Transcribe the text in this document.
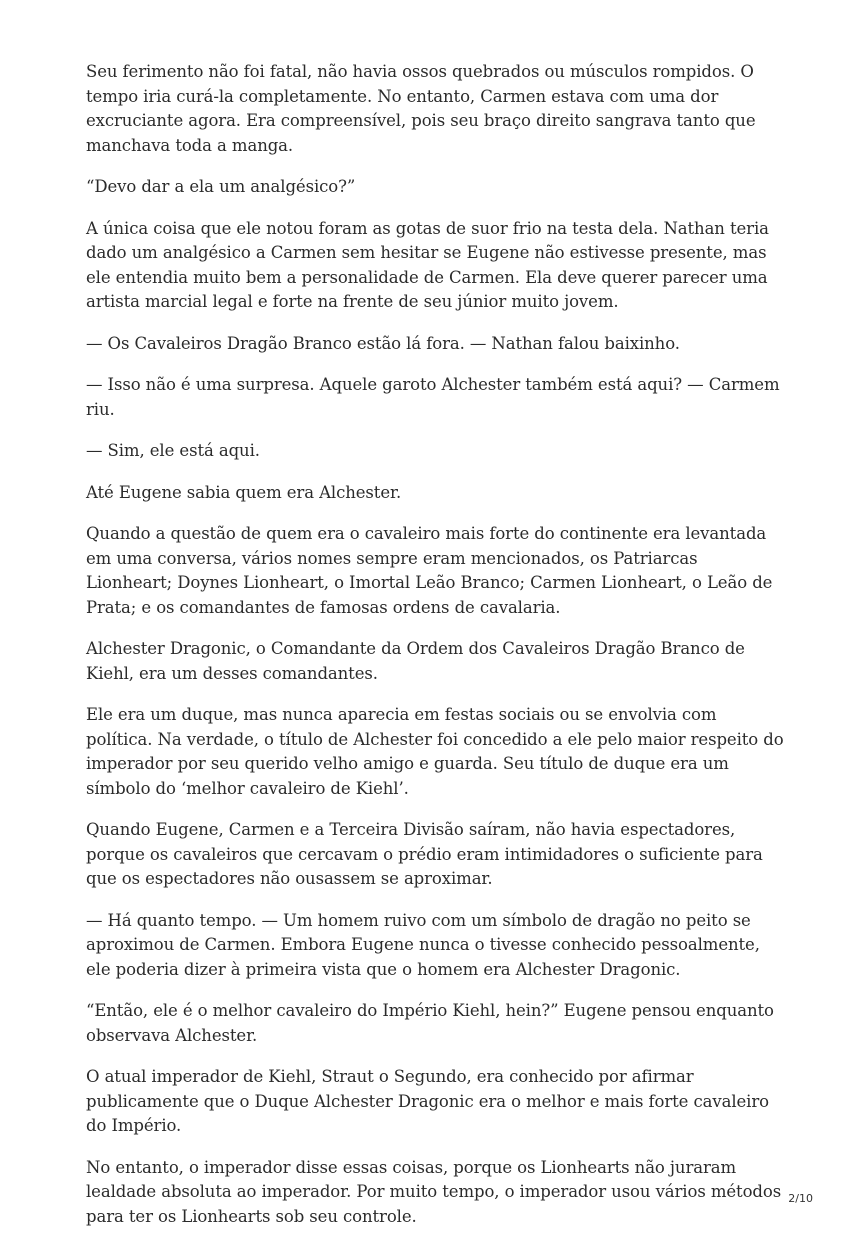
Seu ferimento não foi fatal, não havia ossos quebrados ou músculos rompidos. O tempo iria curá-la completamente. No entanto, Carmen estava com uma dor excruciante agora. Era compreensível, pois seu braço direito sangrava tanto que manchava toda a manga.

“Devo dar a ela um analgésico?”

A única coisa que ele notou foram as gotas de suor frio na testa dela. Nathan teria dado um analgésico a Carmen sem hesitar se Eugene não estivesse presente, mas ele entendia muito bem a personalidade de Carmen. Ela deve querer parecer uma artista marcial legal e forte na frente de seu júnior muito jovem.

— Os Cavaleiros Dragão Branco estão lá fora. — Nathan falou baixinho.

— Isso não é uma surpresa. Aquele garoto Alchester também está aqui? — Carmem riu.

— Sim, ele está aqui.

Até Eugene sabia quem era Alchester.

Quando a questão de quem era o cavaleiro mais forte do continente era levantada em uma conversa, vários nomes sempre eram mencionados, os Patriarcas Lionheart; Doynes Lionheart, o Imortal Leão Branco; Carmen Lionheart, o Leão de Prata; e os comandantes de famosas ordens de cavalaria.

Alchester Dragonic, o Comandante da Ordem dos Cavaleiros Dragão Branco de Kiehl, era um desses comandantes.

Ele era um duque, mas nunca aparecia em festas sociais ou se envolvia com política. Na verdade, o título de Alchester foi concedido a ele pelo maior respeito do imperador por seu querido velho amigo e guarda. Seu título de duque era um símbolo do ‘melhor cavaleiro de Kiehl’.

Quando Eugene, Carmen e a Terceira Divisão saíram, não havia espectadores, porque os cavaleiros que cercavam o prédio eram intimidadores o suficiente para que os espectadores não ousassem se aproximar.

— Há quanto tempo. — Um homem ruivo com um símbolo de dragão no peito se aproximou de Carmen. Embora Eugene nunca o tivesse conhecido pessoalmente, ele poderia dizer à primeira vista que o homem era Alchester Dragonic.

“Então, ele é o melhor cavaleiro do Império Kiehl, hein?” Eugene pensou enquanto observava Alchester.

O atual imperador de Kiehl, Straut o Segundo, era conhecido por afirmar publicamente que o Duque Alchester Dragonic era o melhor e mais forte cavaleiro do Império.

No entanto, o imperador disse essas coisas, porque os Lionhearts não juraram lealdade absoluta ao imperador. Por muito tempo, o imperador usou vários métodos para ter os Lionhearts sob seu controle.

2/10
